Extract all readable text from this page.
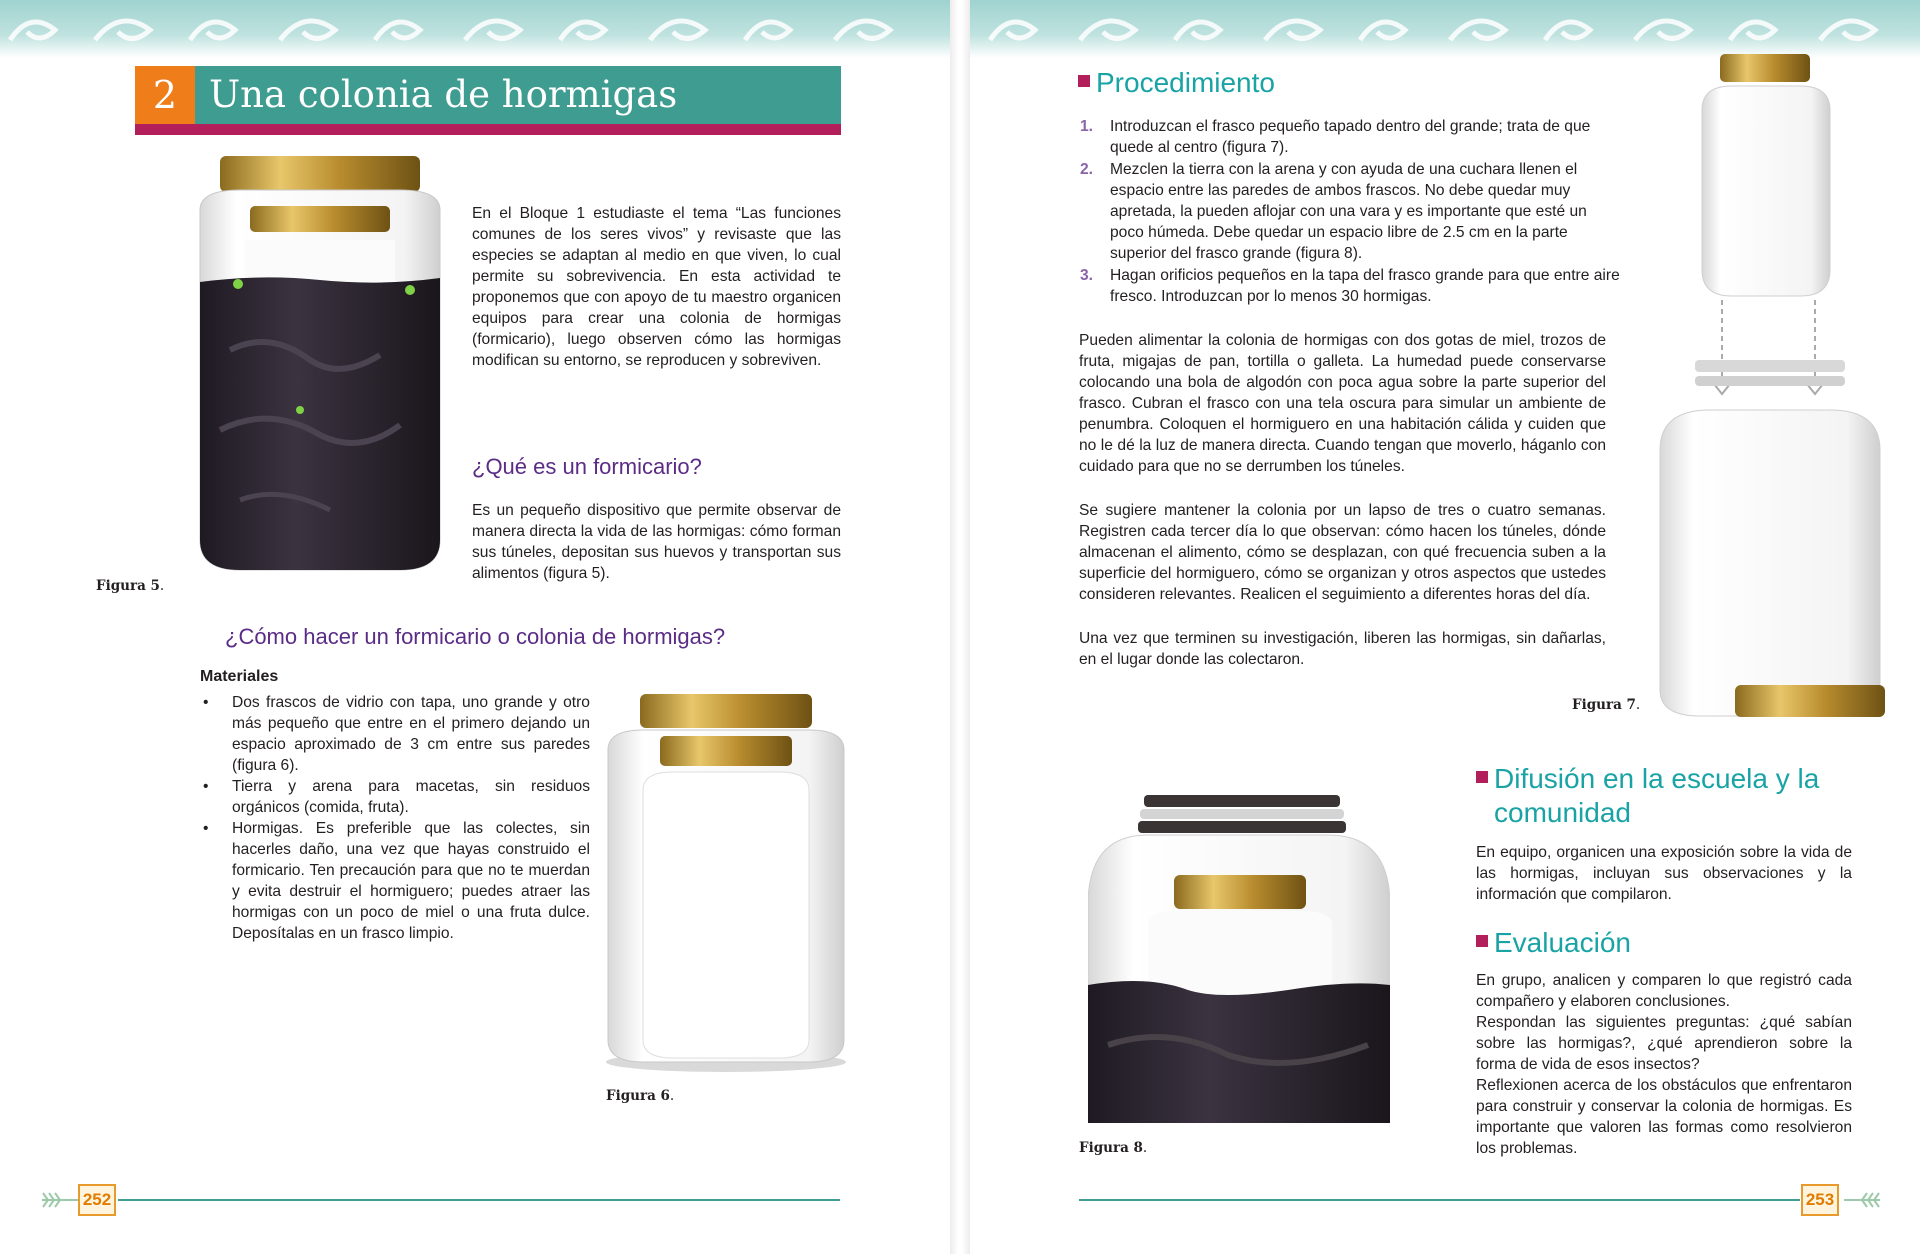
2 Una colonia de hormigas
Figura 5.
En el Bloque 1 estudiaste el tema “Las funciones comunes de los seres vivos” y revisaste que las especies se adaptan al medio en que viven, lo cual permite su sobrevivencia. En esta actividad te proponemos que con apoyo de tu maestro organicen equipos para crear una colonia de hormigas (formicario), luego observen cómo las hormigas modifican su entorno, se reproducen y sobreviven.
¿Qué es un formicario?
Es un pequeño dispositivo que permite observar de manera directa la vida de las hormigas: cómo forman sus túneles, depositan sus huevos y transportan sus alimentos (figura 5).
¿Cómo hacer un formicario o colonia de hormigas?
Materiales
• Dos frascos de vidrio con tapa, uno grande y otro más pequeño que entre en el primero dejando un espacio aproximado de 3 cm entre sus paredes (figura 6).
• Tierra y arena para macetas, sin residuos orgánicos (comida, fruta).
• Hormigas. Es preferible que las colectes, sin hacerles daño, una vez que hayas construido el formicario. Ten precaución para que no te muerdan y evita destruir el hormiguero; puedes atraer las hormigas con un poco de miel o una fruta dulce. Deposítalas en un frasco limpio.
Figura 6.
252
Procedimiento
1. Introduzcan el frasco pequeño tapado dentro del grande; trata de que quede al centro (figura 7).
2. Mezclen la tierra con la arena y con ayuda de una cuchara llenen el espacio entre las paredes de ambos frascos. No debe quedar muy apretada, la pueden aflojar con una vara y es importante que esté un poco húmeda. Debe quedar un espacio libre de 2.5 cm en la parte superior del frasco grande (figura 8).
3. Hagan orificios pequeños en la tapa del frasco grande para que entre aire fresco. Introduzcan por lo menos 30 hormigas.
Pueden alimentar la colonia de hormigas con dos gotas de miel, trozos de fruta, migajas de pan, tortilla o galleta. La humedad puede conservarse colocando una bola de algodón con poca agua sobre la parte superior del frasco. Cubran el frasco con una tela oscura para simular un ambiente de penumbra. Coloquen el hormiguero en una habitación cálida y cuiden que no le dé la luz de manera directa. Cuando tengan que moverlo, háganlo con cuidado para que no se derrumben los túneles.
Se sugiere mantener la colonia por un lapso de tres o cuatro semanas. Registren cada tercer día lo que observan: cómo hacen los túneles, dónde almacenan el alimento, cómo se desplazan, con qué frecuencia suben a la superficie del hormiguero, cómo se organizan y otros aspectos que ustedes consideren relevantes. Realicen el seguimiento a diferentes horas del día.
Una vez que terminen su investigación, liberen las hormigas, sin dañarlas, en el lugar donde las colectaron.
Figura 7.
Figura 8.
Difusión en la escuela y la
comunidad
En equipo, organicen una exposición sobre la vida de las hormigas, incluyan sus observaciones y la información que compilaron.
Evaluación
En grupo, analicen y comparen lo que registró cada compañero y elaboren conclusiones.
Respondan las siguientes preguntas: ¿qué sabían sobre las hormigas?, ¿qué aprendieron sobre la forma de vida de esos insectos?
Reflexionen acerca de los obstáculos que enfrentaron para construir y conservar la colonia de hormigas. Es importante que valoren las formas como resolvieron los problemas.
253
